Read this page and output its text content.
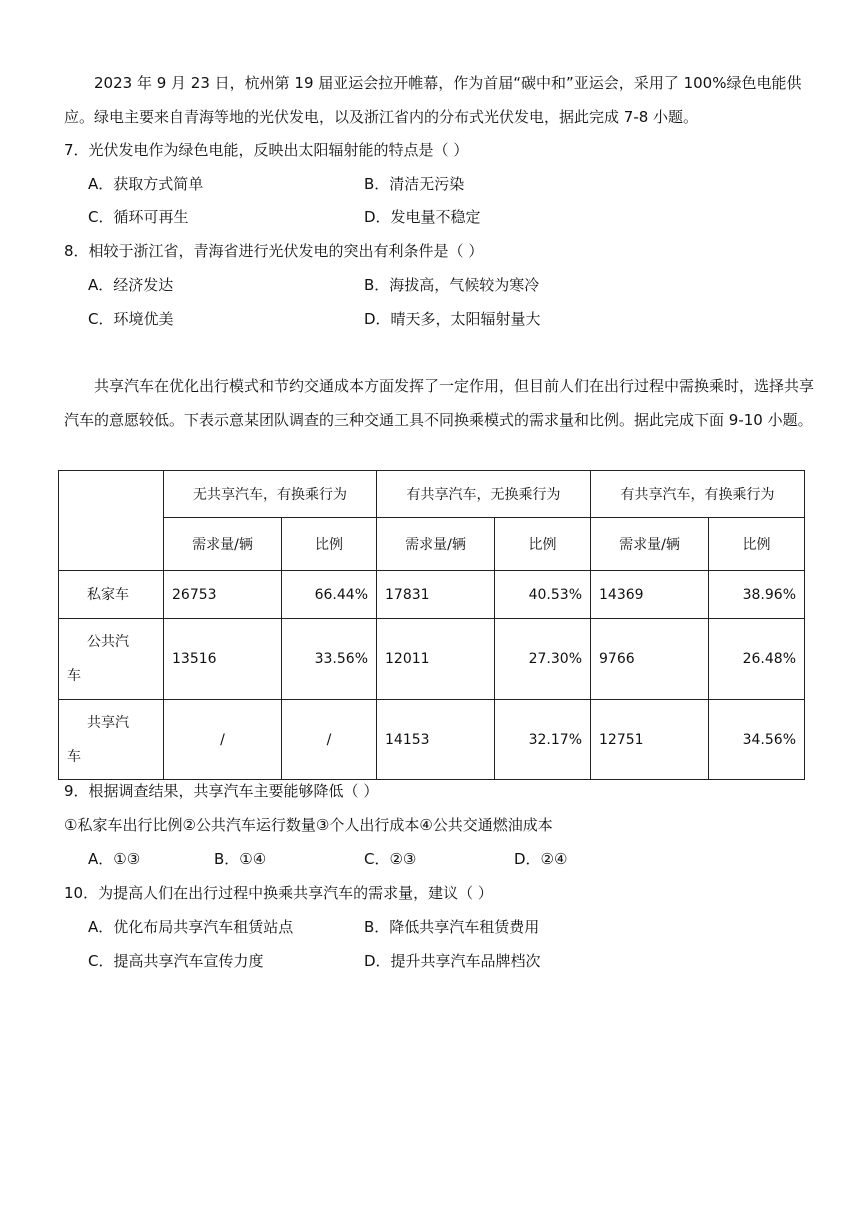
2023 年 9 月 23 日，杭州第 19 届亚运会拉开帷幕，作为首届“碳中和”亚运会，采用了 100%绿色电能供应。绿电主要来自青海等地的光伏发电，以及浙江省内的分布式光伏发电，据此完成 7-8 小题。
7．光伏发电作为绿色电能，反映出太阳辐射能的特点是（ ）
A．获取方式简单	B．清洁无污染
C．循环可再生	D．发电量不稳定
8．相较于浙江省，青海省进行光伏发电的突出有利条件是（ ）
A．经济发达	B．海拔高，气候较为寒冷
C．环境优美	D．晴天多，太阳辐射量大
共享汽车在优化出行模式和节约交通成本方面发挥了一定作用，但目前人们在出行过程中需换乘时，选择共享汽车的意愿较低。下表示意某团队调查的三种交通工具不同换乘模式的需求量和比例。据此完成下面 9-10 小题。
	无共享汽车，有换乘行为		有共享汽车，无换乘行为		有共享汽车，有换乘行为	
	需求量/辆	比例	需求量/辆	比例	需求量/辆	比例

私家车	26753	66.44%	17831	40.53%	14369	38.96%

公共汽
车	13516	33.56%	12011	27.30%	9766	26.48%

共享汽
车	/	/	14153	32.17%	12751	34.56%
9．根据调查结果，共享汽车主要能够降低（ ）
①私家车出行比例②公共汽车运行数量③个人出行成本④公共交通燃油成本
A．①③	B．①④	C．②③	D．②④
10．为提高人们在出行过程中换乘共享汽车的需求量，建议（ ）
A．优化布局共享汽车租赁站点	B．降低共享汽车租赁费用
C．提高共享汽车宣传力度	D．提升共享汽车品牌档次
